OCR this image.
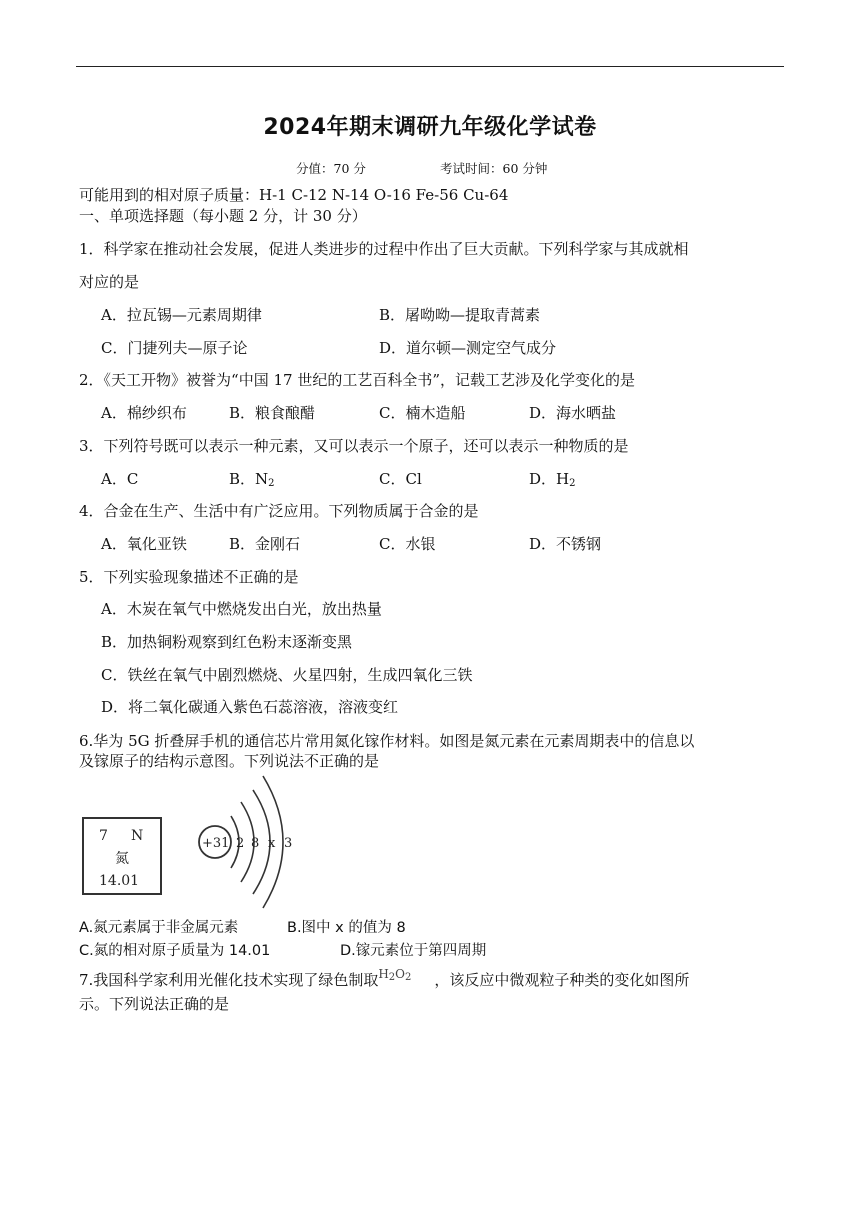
2024年期末调研九年级化学试卷
分值：70 分	考试时间：60 分钟
可能用到的相对原子质量：H-1 C-12 N-14 O-16 Fe-56 Cu-64
一、单项选择题（每小题 2 分，计 30 分）
1．科学家在推动社会发展，促进人类进步的过程中作出了巨大贡献。下列科学家与其成就相
对应的是
A．拉瓦锡—元素周期律	B．屠呦呦—提取青蒿素
C．门捷列夫—原子论	D．道尔顿—测定空气成分
2．《天工开物》被誉为“中国 17 世纪的工艺百科全书”，记载工艺涉及化学变化的是
A．棉纱织布	B．粮食酿醋	C．楠木造船	D．海水晒盐
3．下列符号既可以表示一种元素，又可以表示一个原子，还可以表示一种物质的是
A．C	B．$N_2$	C．Cl	D．$H_2$
4．合金在生产、生活中有广泛应用。下列物质属于合金的是
A．氧化亚铁	B．金刚石	C．水银	D．不锈钢
5．下列实验现象描述不正确的是
A．木炭在氧气中燃烧发出白光，放出热量
B．加热铜粉观察到红色粉末逐渐变黑
C．铁丝在氧气中剧烈燃烧、火星四射，生成四氧化三铁
D．将二氧化碳通入紫色石蕊溶液，溶液变红
6.华为 5G 折叠屏手机的通信芯片常用氮化镓作材料。如图是氮元素在元素周期表中的信息以
及镓原子的结构示意图。下列说法不正确的是
7 N
氮
14.01
+31 2 8 x 3
A.氮元素属于非金属元素	B.图中 x 的值为 8
C.氮的相对原子质量为 14.01	D.镓元素位于第四周期
7.我国科学家利用光催化技术实现了绿色制取$H_2O_2$ ，该反应中微观粒子种类的变化如图所
示。下列说法正确的是
